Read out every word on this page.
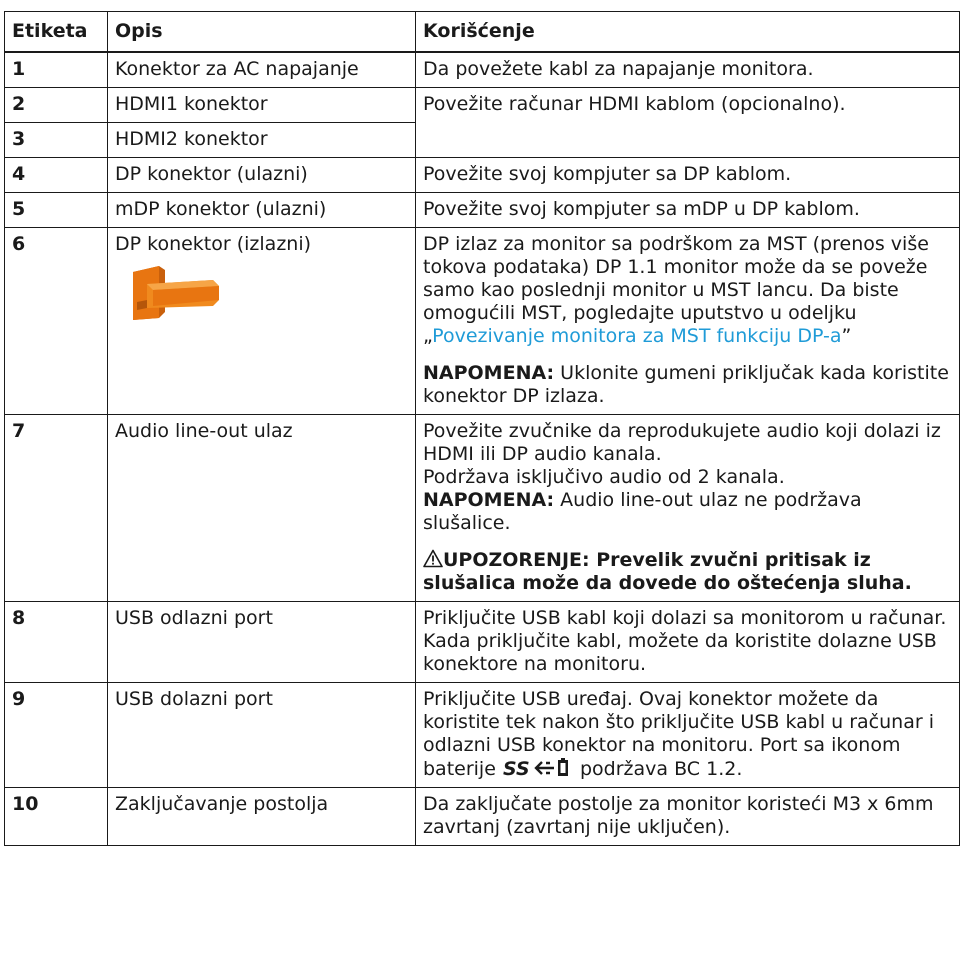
Etiketa	Opis	Korišćenje
1	Konektor za AC napajanje	Da povežete kabl za napajanje monitora.
2	HDMI1 konektor	Povežite računar HDMI kablom (opcionalno).
3	HDMI2 konektor	
4	DP konektor (ulazni)	Povežite svoj kompjuter sa DP kablom.
5	mDP konektor (ulazni)	Povežite svoj kompjuter sa mDP u DP kablom.
6	DP konektor (izlazni)	DP izlaz za monitor sa podrškom za MST (prenos više tokova podataka) DP 1.1 monitor može da se poveže samo kao poslednji monitor u MST lancu. Da biste omogućili MST, pogledajte uputstvo u odeljku „Povezivanje monitora za MST funkciju DP-a”

NAPOMENA: Uklonite gumeni priključak kada koristite konektor DP izlaza.

7	Audio line-out ulaz	Povežite zvučnike da reprodukujete audio koji dolazi iz HDMI ili DP audio kanala.

Podržava isključivo audio od 2 kanala.

NAPOMENA: Audio line-out ulaz ne podržava slušalice.

UPOZORENJE: Prevelik zvučni pritisak iz slušalica može da dovede do oštećenja sluha.

8	USB odlazni port	Priključite USB kabl koji dolazi sa monitorom u računar. Kada priključite kabl, možete da koristite dolazne USB konektore na monitoru.
9	USB dolazni port	Priključite USB uređaj. Ovaj konektor možete da koristite tek nakon što priključite USB kabl u računar i odlazni USB konektor na monitoru. Port sa ikonom baterije SS podržava BC 1.2.
10	Zaključavanje postolja	Da zaključate postolje za monitor koristeći M3 x 6mm zavrtanj (zavrtanj nije uključen).
